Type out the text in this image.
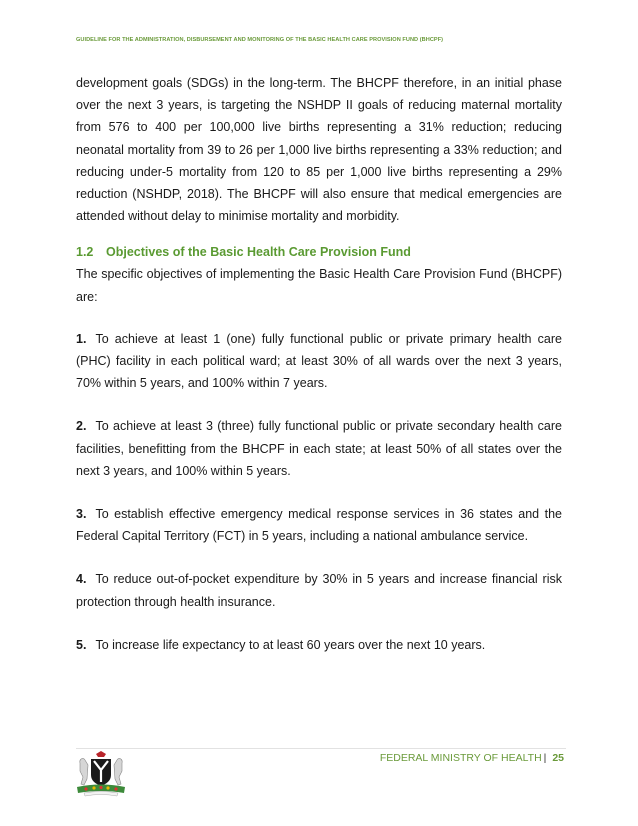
GUIDELINE FOR THE ADMINISTRATION, DISBURSEMENT AND MONITORING OF THE BASIC HEALTH CARE PROVISION FUND (BHCPF)

development goals (SDGs) in the long-term. The BHCPF therefore, in an initial phase over the next 3 years, is targeting the NSHDP II goals of reducing maternal mortality from 576 to 400 per 100,000 live births representing a 31% reduction; reducing neonatal mortality from 39 to 26 per 1,000 live births representing a 33% reduction; and reducing under-5 mortality from 120 to 85 per 1,000 live births representing a 29% reduction (NSHDP, 2018). The BHCPF will also ensure that medical emergencies are attended without delay to minimise mortality and morbidity.

1.2 Objectives of the Basic Health Care Provision Fund

The specific objectives of implementing the Basic Health Care Provision Fund (BHCPF) are:

1. To achieve at least 1 (one) fully functional public or private primary health care (PHC) facility in each political ward; at least 30% of all wards over the next 3 years, 70% within 5 years, and 100% within 7 years.

2. To achieve at least 3 (three) fully functional public or private secondary health care facilities, benefitting from the BHCPF in each state; at least 50% of all states over the next 3 years, and 100% within 5 years.

3. To establish effective emergency medical response services in 36 states and the Federal Capital Territory (FCT) in 5 years, including a national ambulance service.

4. To reduce out-of-pocket expenditure by 30% in 5 years and increase financial risk protection through health insurance.

5. To increase life expectancy to at least 60 years over the next 10 years.

FEDERAL MINISTRY OF HEALTH | 25
